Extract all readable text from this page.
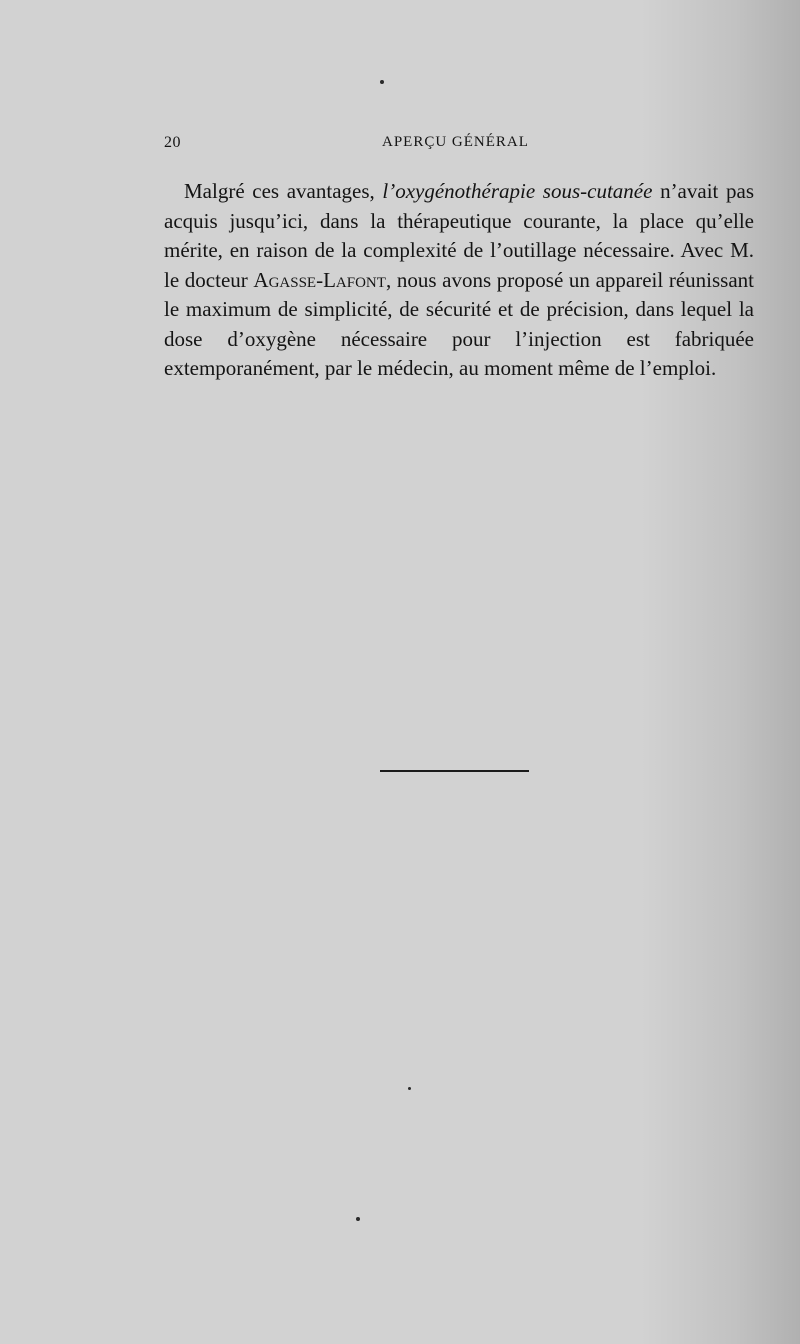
20	APERÇU GÉNÉRAL

Malgré ces avantages, l’oxygénothérapie sous-cutanée n’avait pas acquis jusqu’ici, dans la thérapeutique courante, la place qu’elle mérite, en raison de la complexité de l’outillage nécessaire. Avec M. le docteur Agasse-Lafont, nous avons proposé un appareil réunissant le maximum de simplicité, de sécurité et de précision, dans lequel la dose d’oxygène nécessaire pour l’injection est fabriquée extemporanément, par le médecin, au moment même de l’emploi.
